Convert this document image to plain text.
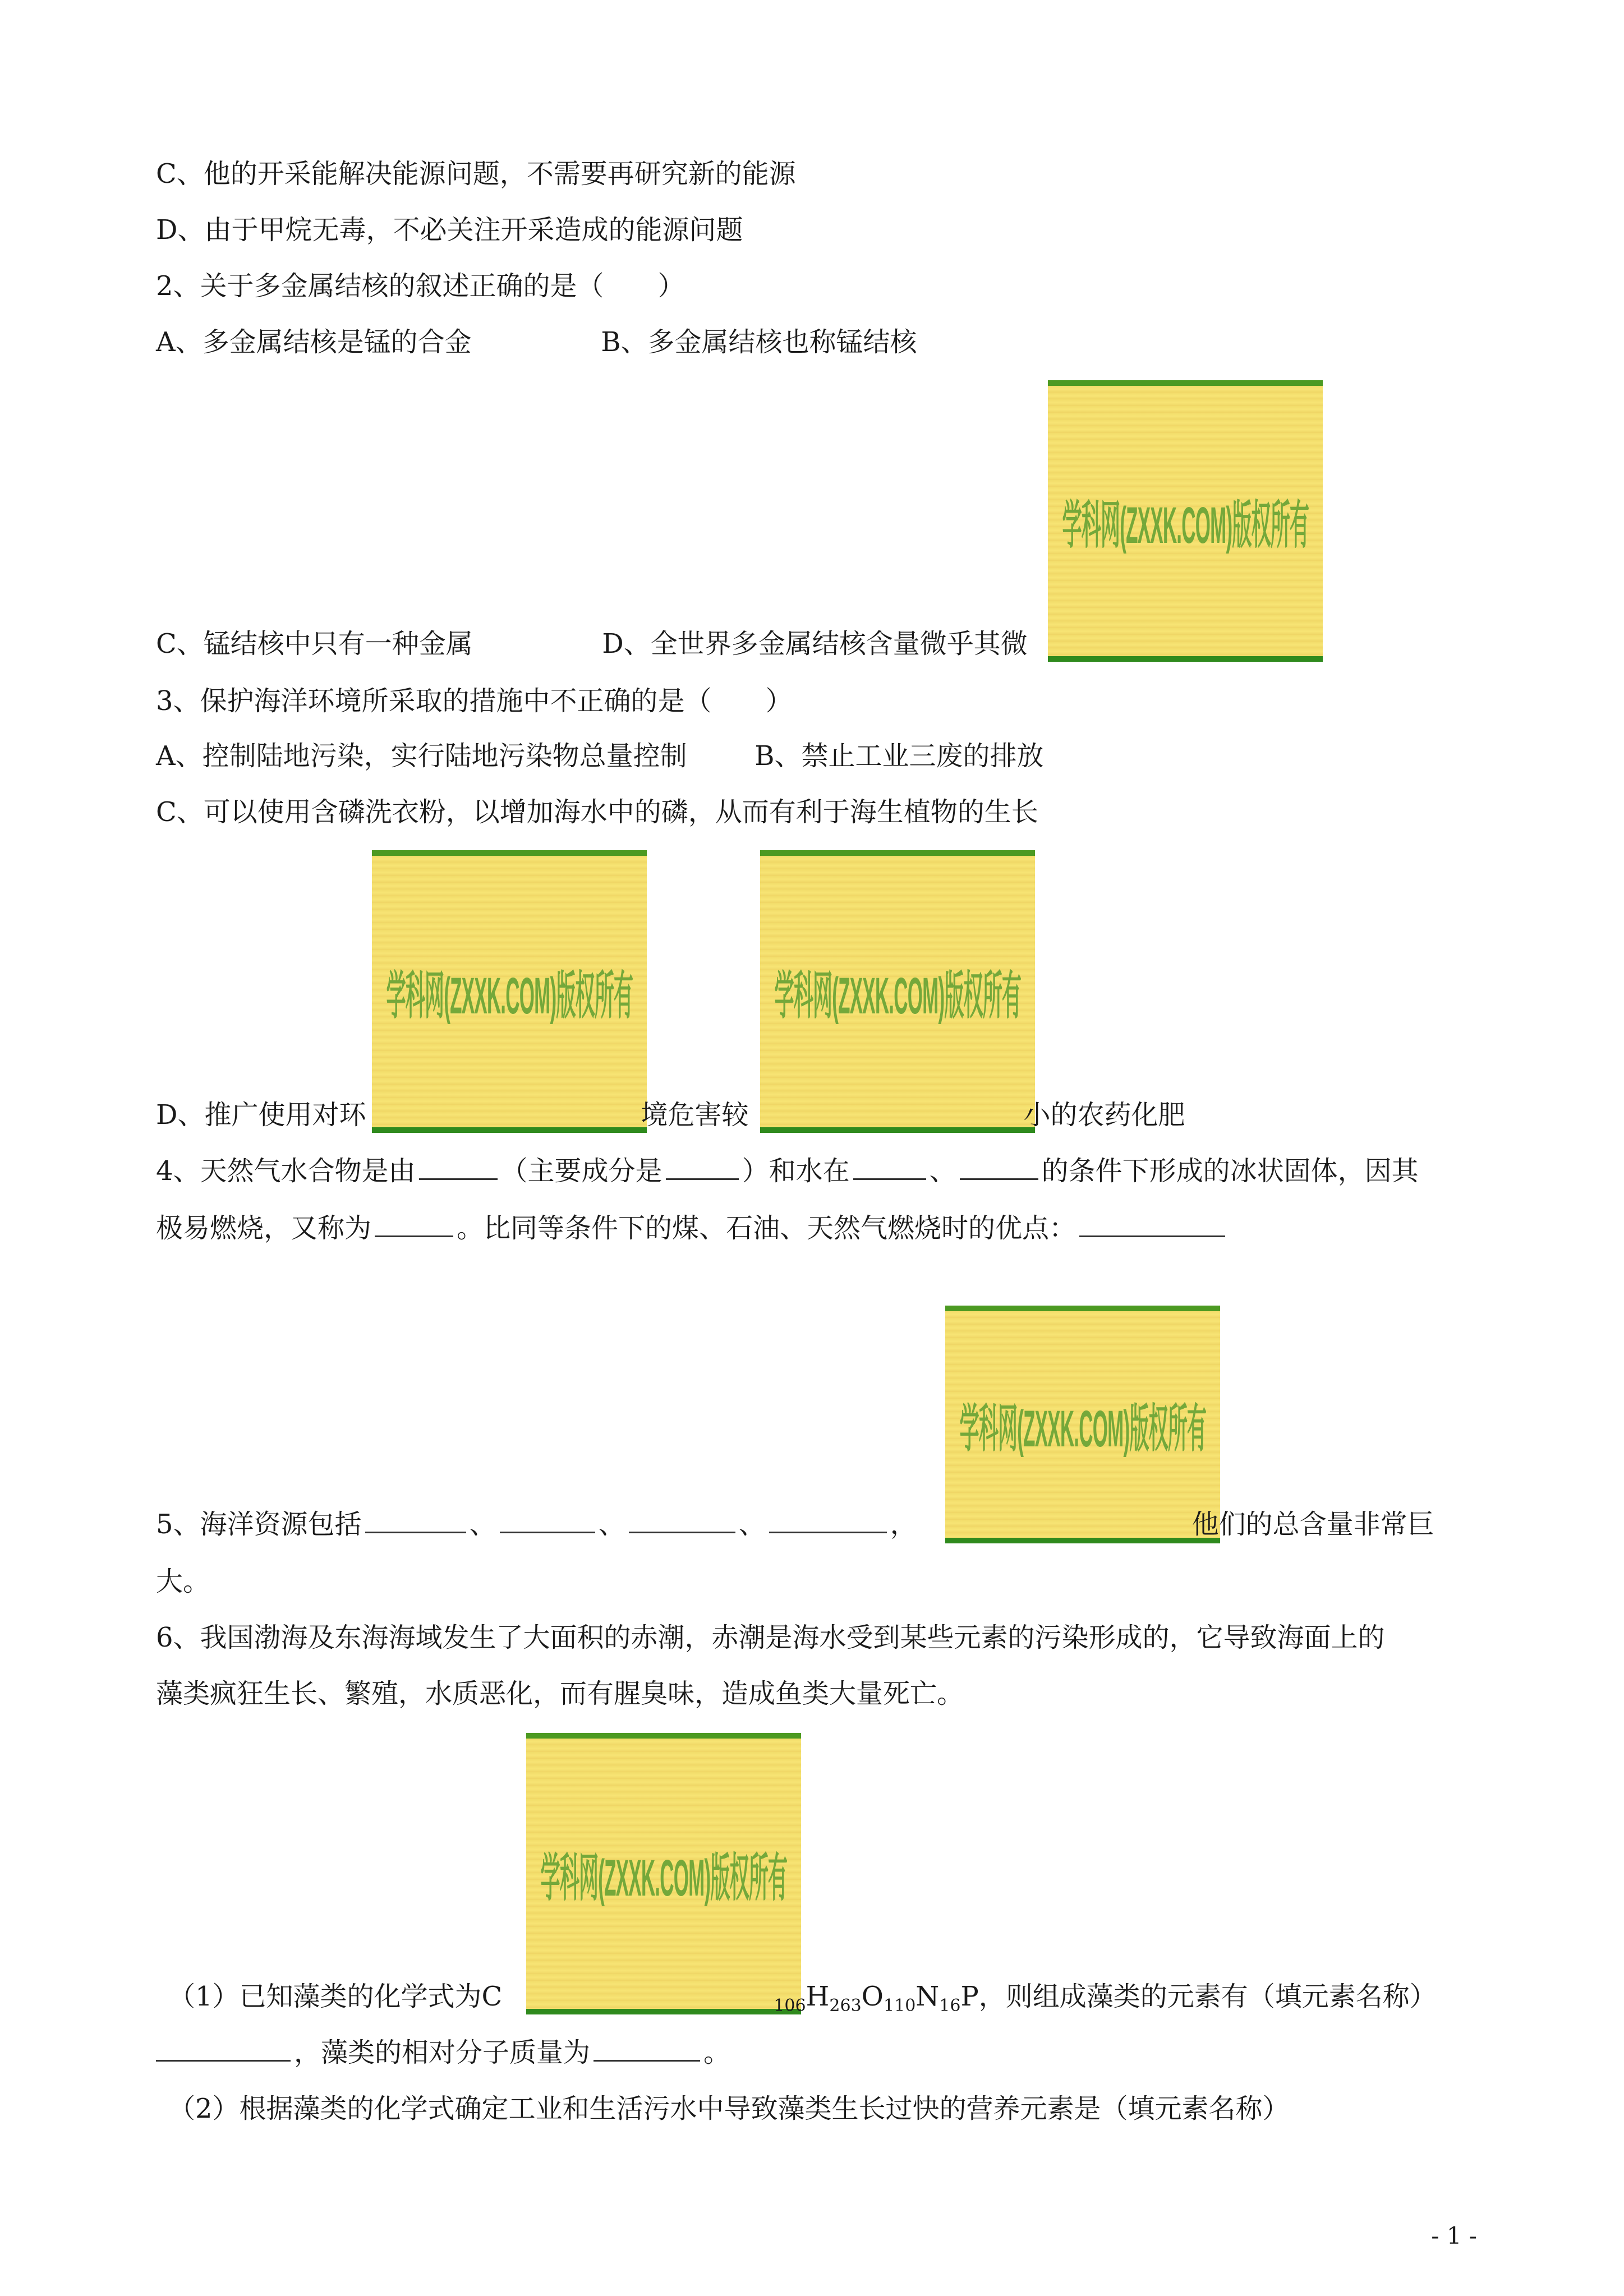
C、他的开采能解决能源问题，不需要再研究新的能源
D、由于甲烷无毒，不必关注开采造成的能源问题
2、关于多金属结核的叙述正确的是（　　）
A、多金属结核是锰的合金	B、多金属结核也称锰结核
学科网(ZXXK.COM)版权所有
C、锰结核中只有一种金属	D、全世界多金属结核含量微乎其微
3、保护海洋环境所采取的措施中不正确的是（　　）
A、控制陆地污染，实行陆地污染物总量控制	B、禁止工业三废的排放
C、可以使用含磷洗衣粉，以增加海水中的磷，从而有利于海生植物的生长
学科网(ZXXK.COM)版权所有	学科网(ZXXK.COM)版权所有
D、推广使用对环	境危害较	小的农药化肥
4、天然气水合物是由	（主要成分是	）和水在	、	的条件下形成的冰状固体，因其
极易燃烧，又称为	。比同等条件下的煤、石油、天然气燃烧时的优点：
学科网(ZXXK.COM)版权所有
5、海洋资源包括	、	、	、	，	他们的总含量非常巨
大。
6、我国渤海及东海海域发生了大面积的赤潮，赤潮是海水受到某些元素的污染形成的，它导致海面上的
藻类疯狂生长、繁殖，水质恶化，而有腥臭味，造成鱼类大量死亡。
学科网(ZXXK.COM)版权所有
（1）已知藻类的化学式为C	$_{106}H_{263}O_{110}N_{16}P$，则组成藻类的元素有（填元素名称）
，藻类的相对分子质量为	。
（2）根据藻类的化学式确定工业和生活污水中导致藻类生长过快的营养元素是（填元素名称）
- 1 -
